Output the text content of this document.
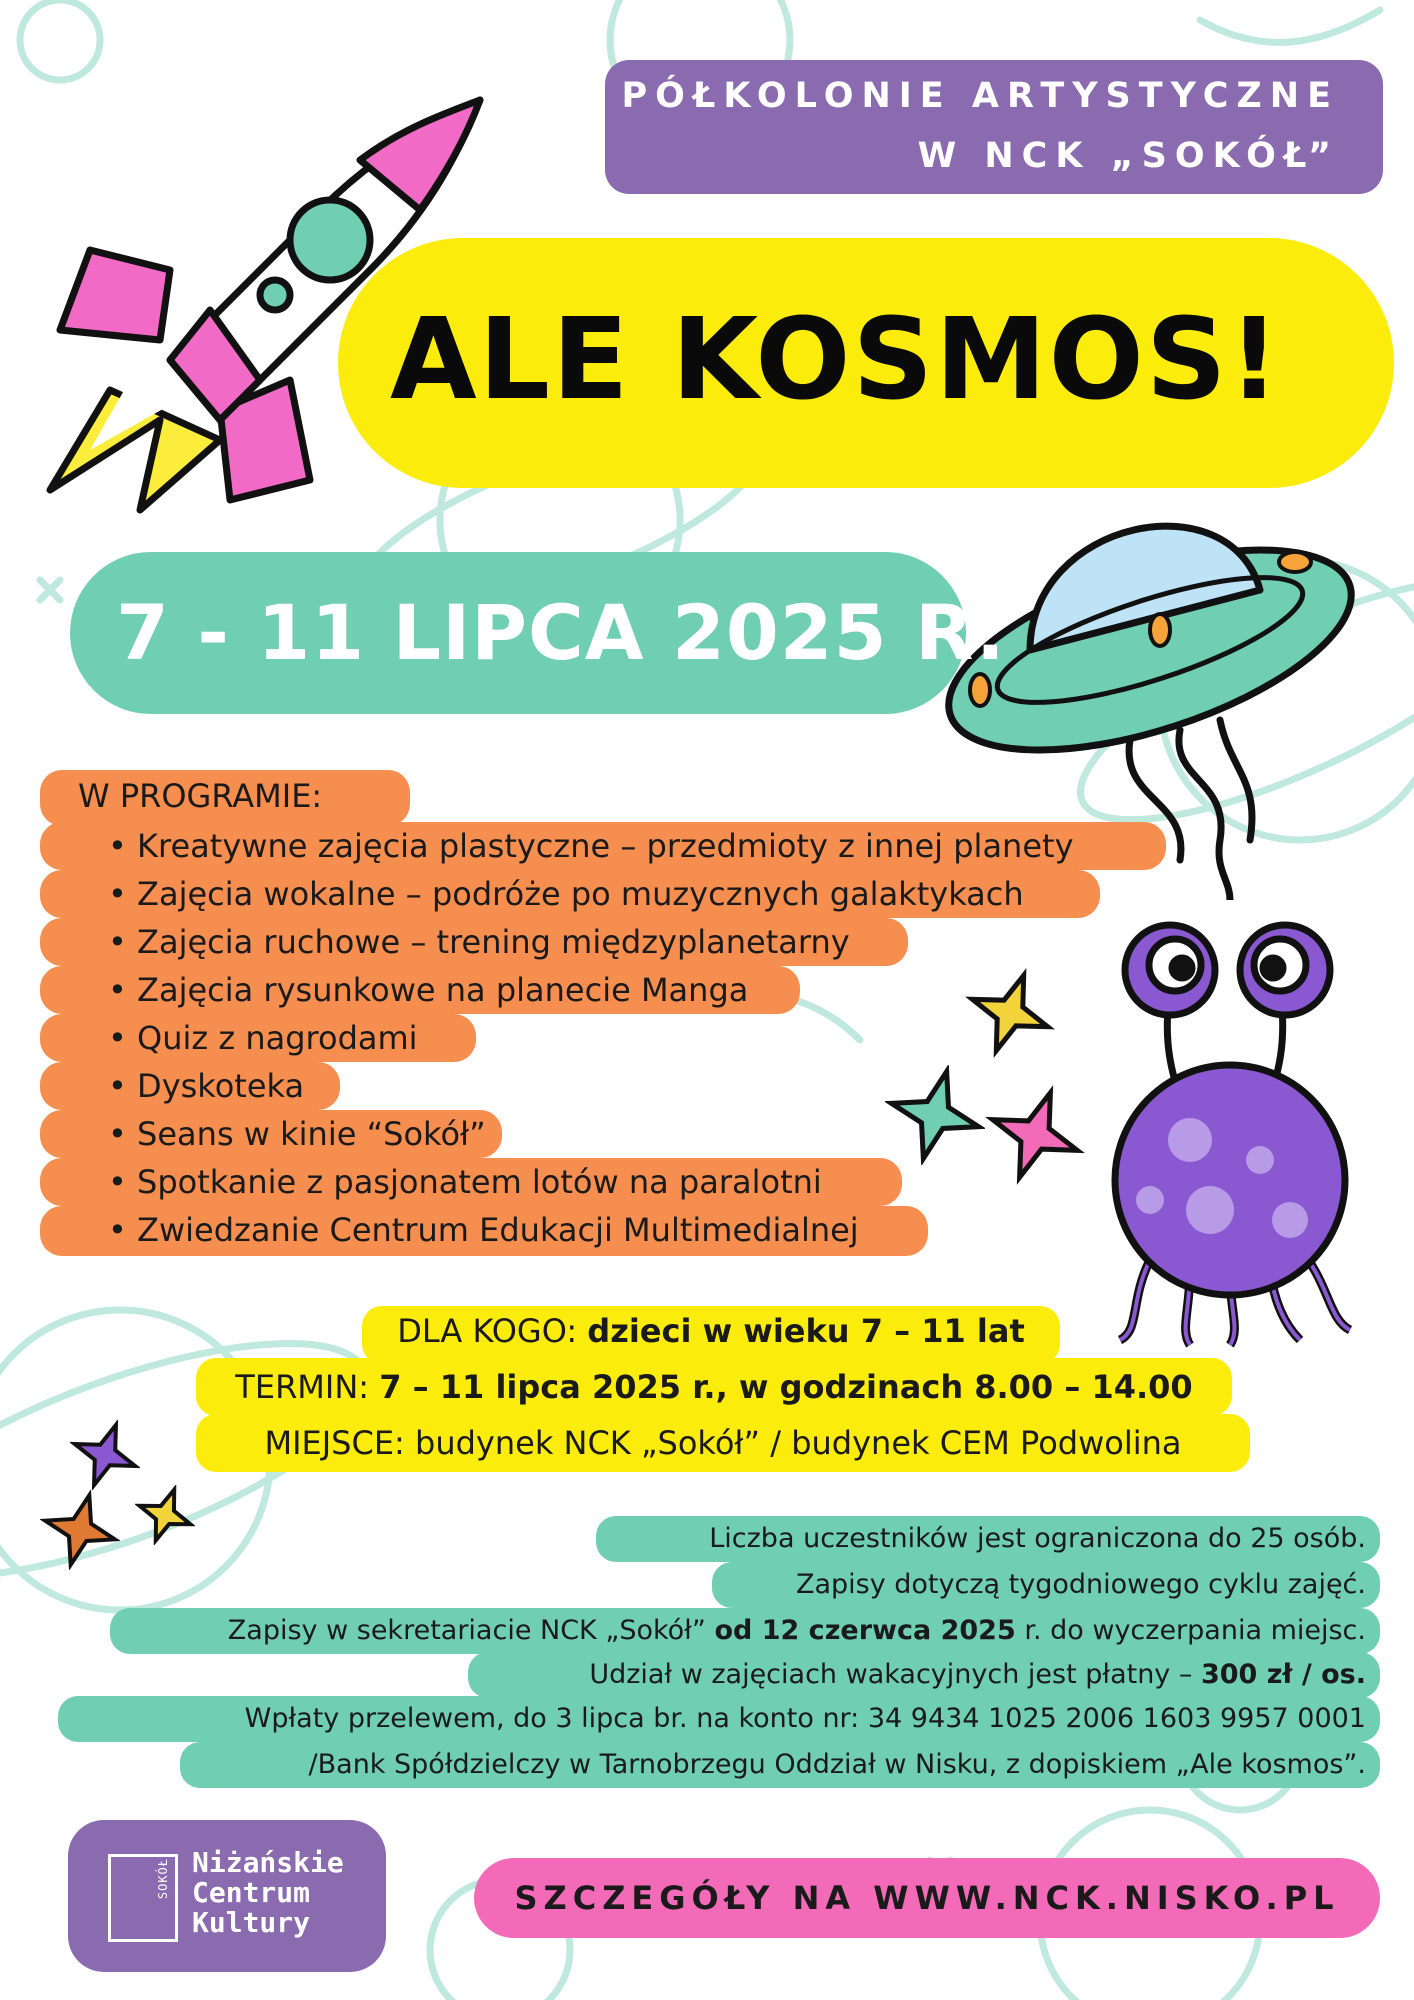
PÓŁKOLONIE ARTYSTYCZNE
W NCK „SOKÓŁ”
ALE KOSMOS!
7 - 11 LIPCA 2025 R.
W PROGRAMIE:
• Kreatywne zajęcia plastyczne – przedmioty z innej planety
• Zajęcia wokalne – podróże po muzycznych galaktykach
• Zajęcia ruchowe – trening międzyplanetarny
• Zajęcia rysunkowe na planecie Manga
• Quiz z nagrodami
• Dyskoteka
• Seans w kinie “Sokół”
• Spotkanie z pasjonatem lotów na paralotni
• Zwiedzanie Centrum Edukacji Multimedialnej
DLA KOGO: dzieci w wieku 7 – 11 lat
TERMIN: 7 – 11 lipca 2025 r., w godzinach 8.00 – 14.00
MIEJSCE: budynek NCK „Sokół” / budynek CEM Podwolina
Liczba uczestników jest ograniczona do 25 osób.
Zapisy dotyczą tygodniowego cyklu zajęć.
Zapisy w sekretariacie NCK „Sokół” od 12 czerwca 2025 r. do wyczerpania miejsc.
Udział w zajęciach wakacyjnych jest płatny – 300 zł / os.
Wpłaty przelewem, do 3 lipca br. na konto nr: 34 9434 1025 2006 1603 9957 0001
/Bank Spółdzielczy w Tarnobrzegu Oddział w Nisku, z dopiskiem „Ale kosmos”.
SOKÓŁ Niżańskie
Centrum
Kultury
SZCZEGÓŁY NA WWW.NCK.NISKO.PL
